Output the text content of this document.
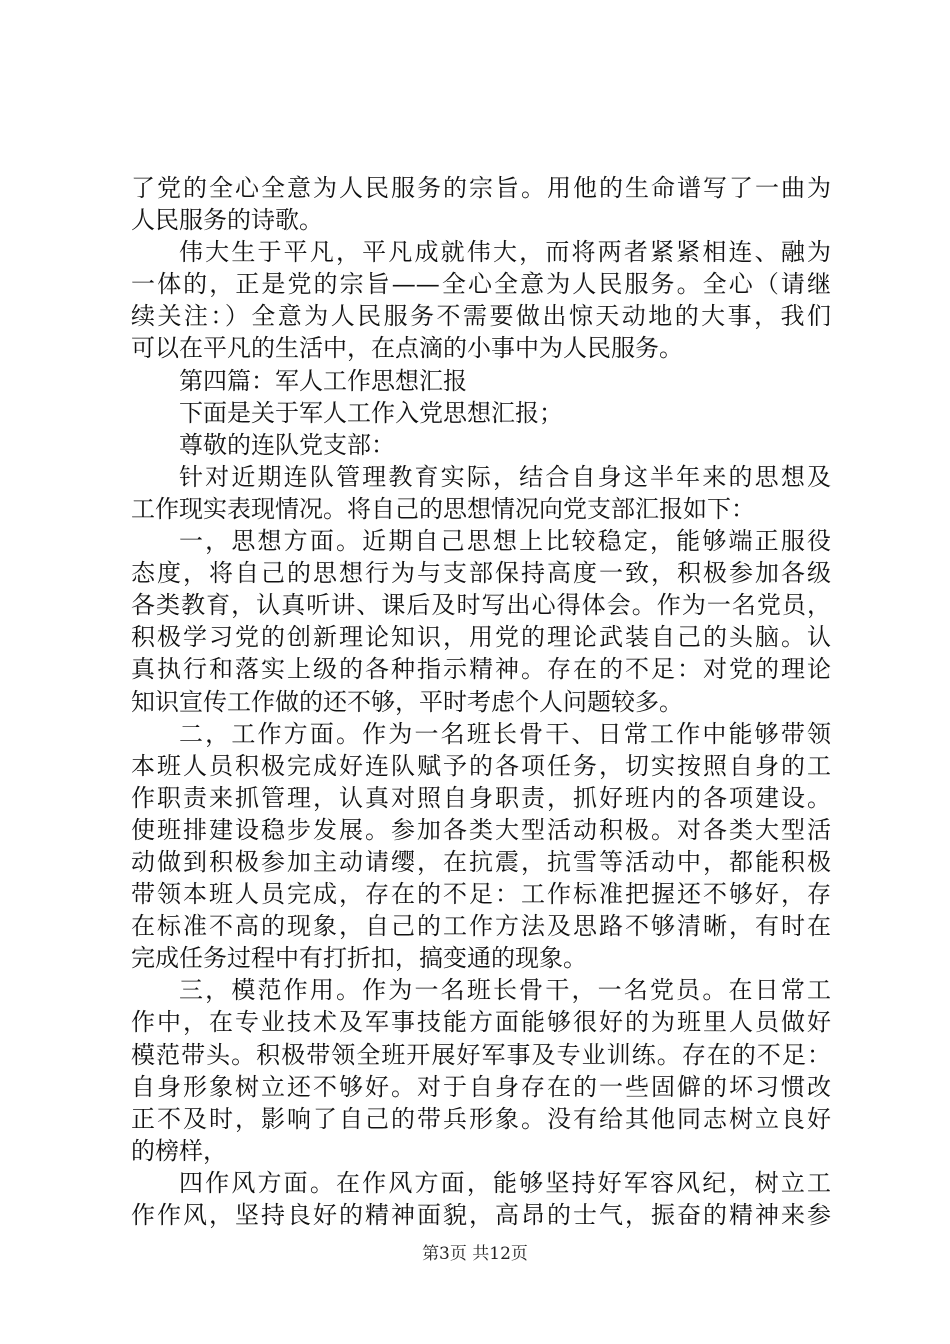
了党的全心全意为人民服务的宗旨。用他的生命谱写了一曲为
人民服务的诗歌。
伟大生于平凡，平凡成就伟大，而将两者紧紧相连、融为
一体的，正是党的宗旨——全心全意为人民服务。全心（请继
续关注：）全意为人民服务不需要做出惊天动地的大事，我们
可以在平凡的生活中，在点滴的小事中为人民服务。
第四篇：军人工作思想汇报
下面是关于军人工作入党思想汇报；
尊敬的连队党支部：
针对近期连队管理教育实际，结合自身这半年来的思想及
工作现实表现情况。将自己的思想情况向党支部汇报如下：
一，思想方面。近期自己思想上比较稳定，能够端正服役
态度，将自己的思想行为与支部保持高度一致，积极参加各级
各类教育，认真听讲、课后及时写出心得体会。作为一名党员，
积极学习党的创新理论知识，用党的理论武装自己的头脑。认
真执行和落实上级的各种指示精神。存在的不足：对党的理论
知识宣传工作做的还不够，平时考虑个人问题较多。
二，工作方面。作为一名班长骨干、日常工作中能够带领
本班人员积极完成好连队赋予的各项任务，切实按照自身的工
作职责来抓管理，认真对照自身职责，抓好班内的各项建设。
使班排建设稳步发展。参加各类大型活动积极。对各类大型活
动做到积极参加主动请缨，在抗震，抗雪等活动中，都能积极
带领本班人员完成，存在的不足：工作标准把握还不够好，存
在标准不高的现象，自己的工作方法及思路不够清晰，有时在
完成任务过程中有打折扣，搞变通的现象。
三，模范作用。作为一名班长骨干，一名党员。在日常工
作中，在专业技术及军事技能方面能够很好的为班里人员做好
模范带头。积极带领全班开展好军事及专业训练。存在的不足：
自身形象树立还不够好。对于自身存在的一些固僻的坏习惯改
正不及时，影响了自己的带兵形象。没有给其他同志树立良好
的榜样，
四作风方面。在作风方面，能够坚持好军容风纪，树立工
作作风，坚持良好的精神面貌，高昂的士气，振奋的精神来参
第3页 共12页
